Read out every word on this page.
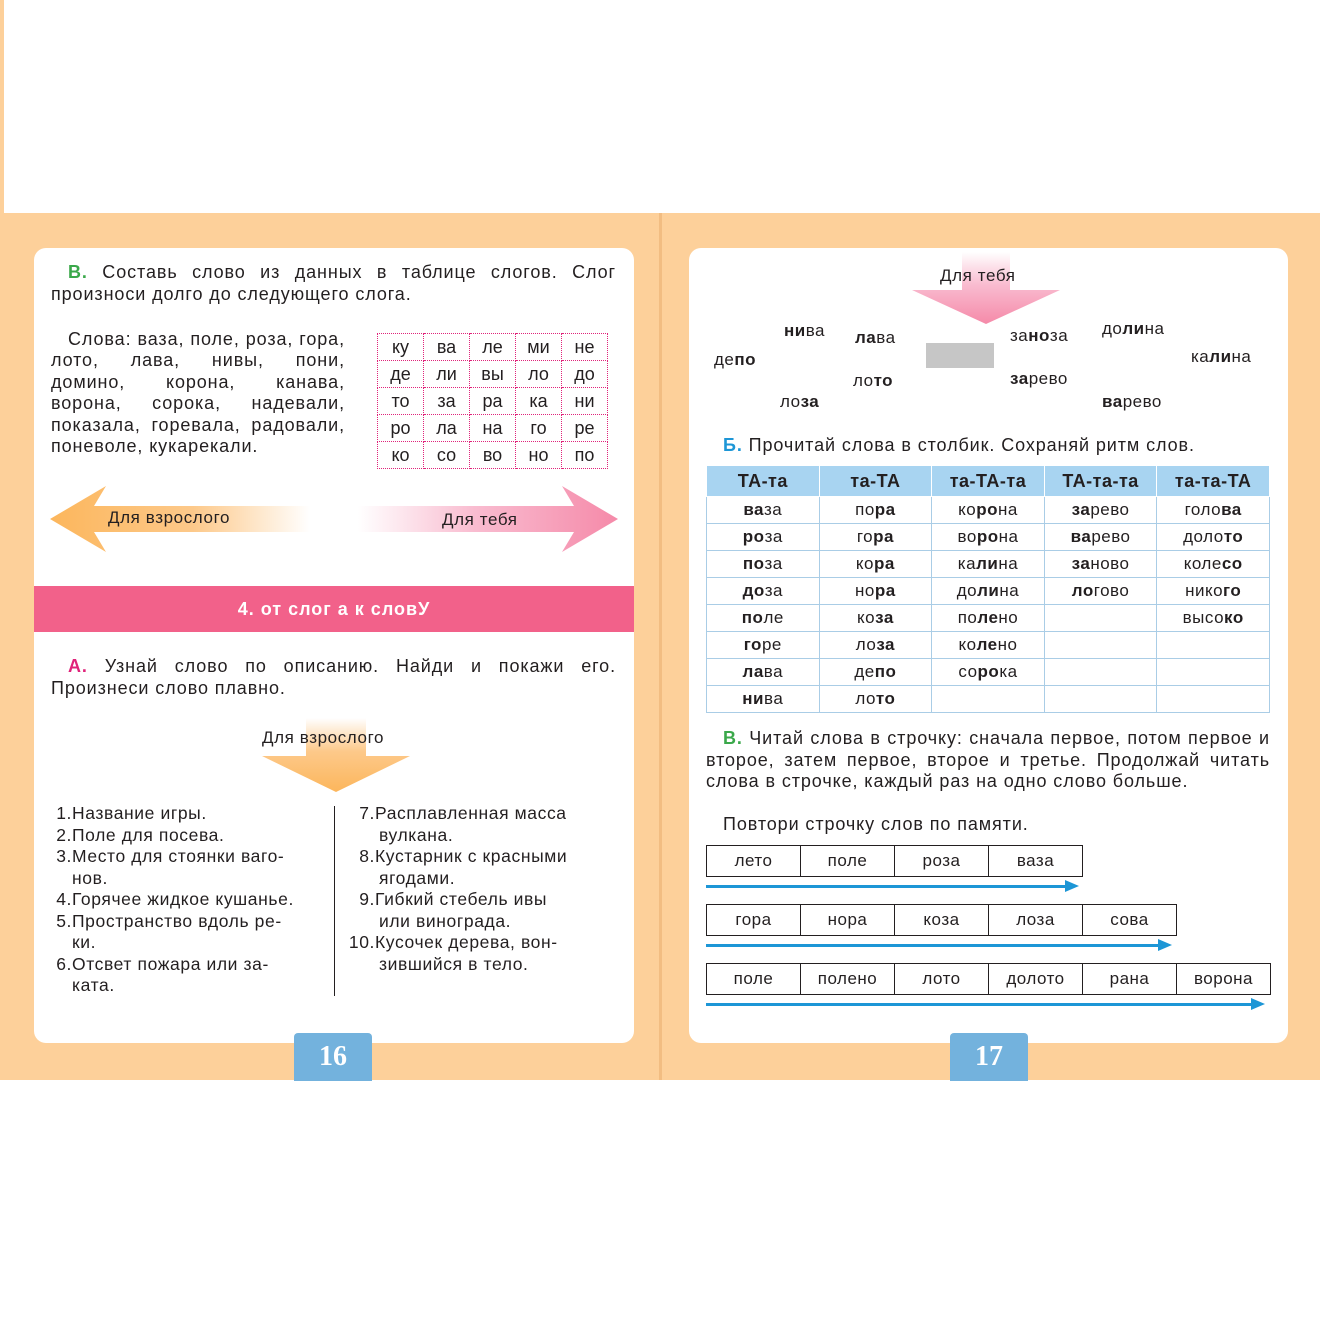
В. Составь слово из данных в таблице слогов. Слог произноси долго до следующего слога.
Слова: ваза, поле, роза, гора, лото, лава, нивы, пони, домино, корона, канава, ворона, сорока, надевали, показала, горевала, радовали, поневоле, кукарекали.
ку	ва	ле	ми	не
де	ли	вы	ло	до
то	за	ра	ка	ни
ро	ла	на	го	ре
ко	со	во	но	по
Для взрослого	Для тебя
4. от слог а к словУ
А. Узнай слово по описанию. Найди и покажи его. Произнеси слово плавно.
Для взрослого
1.Название игры.
2.Поле для посева.
3.Место для стоянки ваго-
нов.
4.Горячее жидкое кушанье.
5.Пространство вдоль ре-
ки.
6.Отсвет пожара или за-
ката.
7.Расплавленная масса
вулкана.
8.Кустарник с красными
ягодами.
9.Гибкий стебель ивы
или винограда.
10.Кусочек дерева, вон-
зившийся в тело.
16
Для тебя
нива лава	заноза долина
депо	калина
лото	зарево
лоза	варево
Б. Прочитай слова в столбик. Сохраняй ритм слов.
ТА-та	та-ТА	та-ТА-та	ТА-та-та	та-та-ТА
ваза	пора	корона	зарево	голова
роза	гора	ворона	варево	долото
поза	кора	калина	заново	колесо
доза	нора	долина	логово	никого
поле	коза	полено		высоко
горе	лоза	колено		
лава	депо	сорока		
нива	лото			
В. Читай слова в строчку: сначала первое, потом первое и второе, затем первое, второе и третье. Продолжай читать слова в строчке, каждый раз на одно слово больше.
Повтори строчку слов по памяти.
лето	поле	роза	ваза
гора	нора	коза	лоза	сова
поле	полено	лото	долото	рана	ворона
17
